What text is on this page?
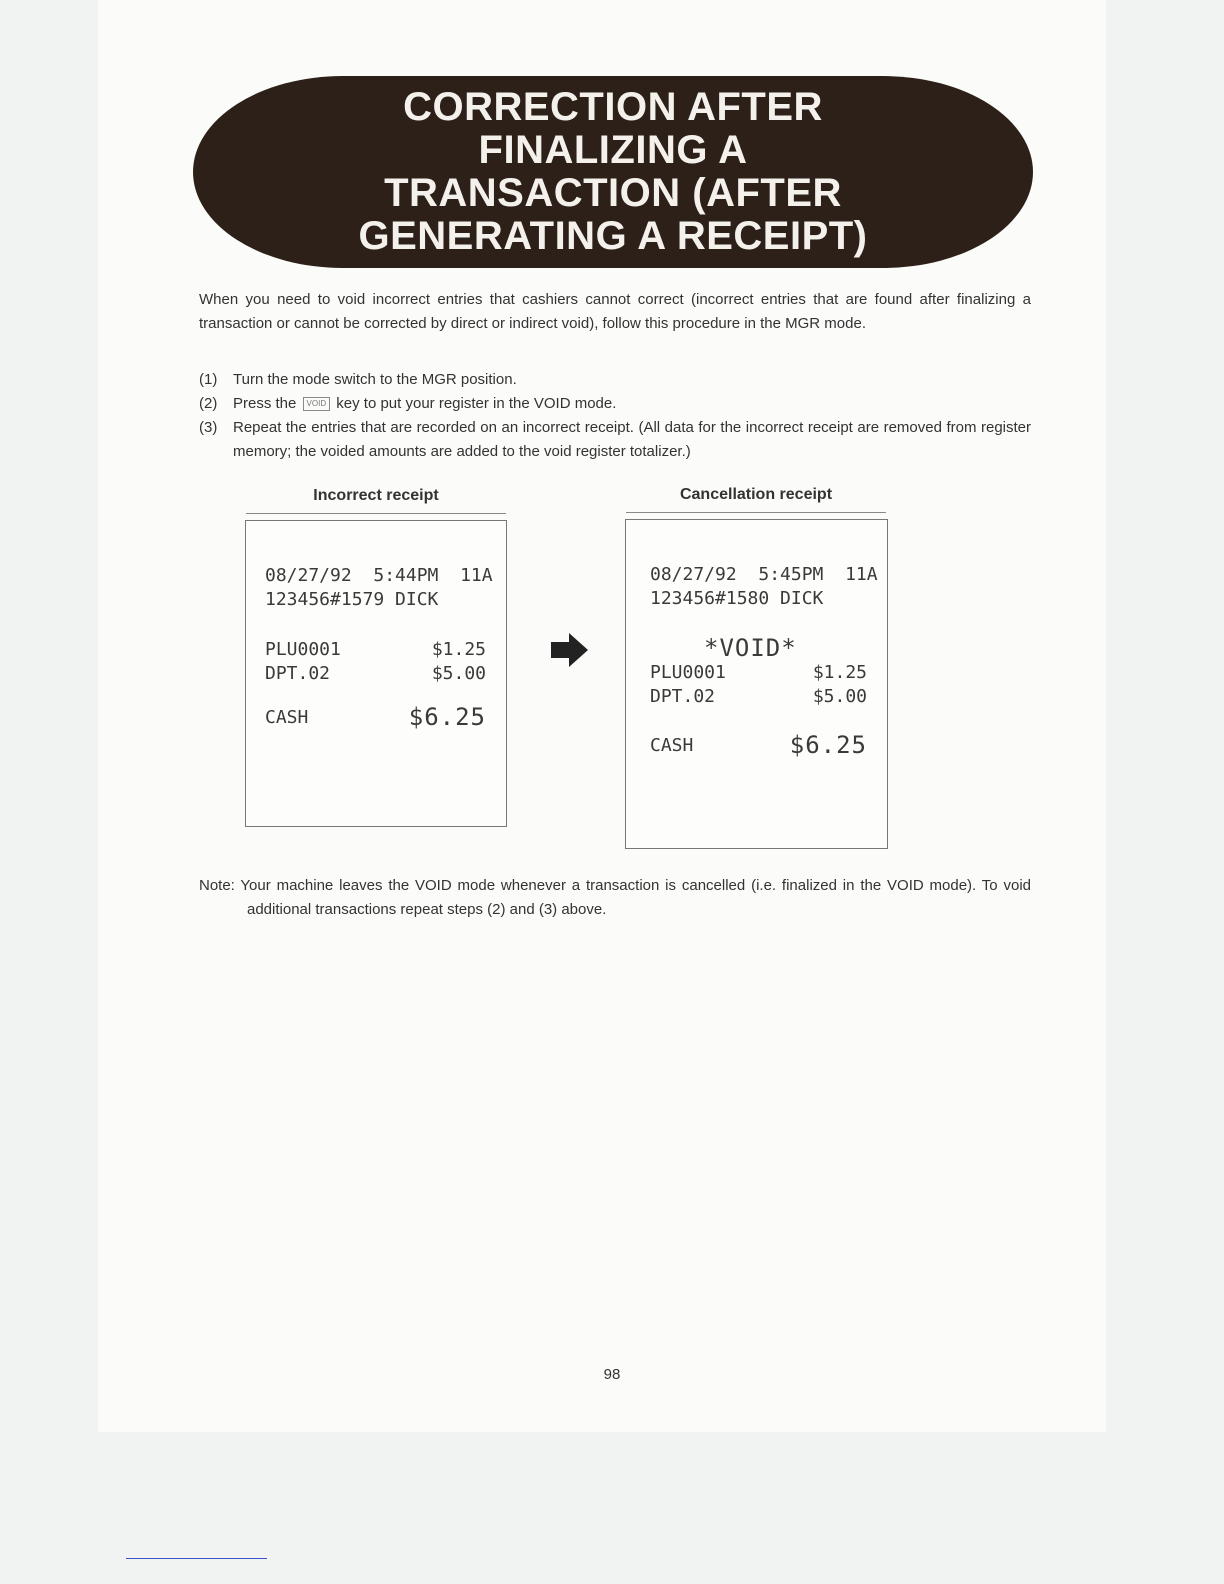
CORRECTION AFTER
FINALIZING A
TRANSACTION (AFTER
GENERATING A RECEIPT)

When you need to void incorrect entries that cashiers cannot correct (incorrect entries that are found after finalizing a transaction or cannot be corrected by direct or indirect void), follow this procedure in the MGR mode.

(1) Turn the mode switch to the MGR position.
(2) Press the VOID key to put your register in the VOID mode.
(3) Repeat the entries that are recorded on an incorrect receipt. (All data for the incorrect receipt are removed from register memory; the voided amounts are added to the void register totalizer.)
Incorrect receipt
08/27/92  5:44PM  11A
123456#1579 DICK
PLU0001	$1.25
DPT.02	$5.00
CASH	$6.25
Cancellation receipt
08/27/92  5:45PM  11A
123456#1580 DICK
*VOID*
PLU0001	$1.25
DPT.02	$5.00
CASH	$6.25

Note: Your machine leaves the VOID mode whenever a transaction is cancelled (i.e. finalized in the VOID mode). To void additional transactions repeat steps (2) and (3) above.

98
